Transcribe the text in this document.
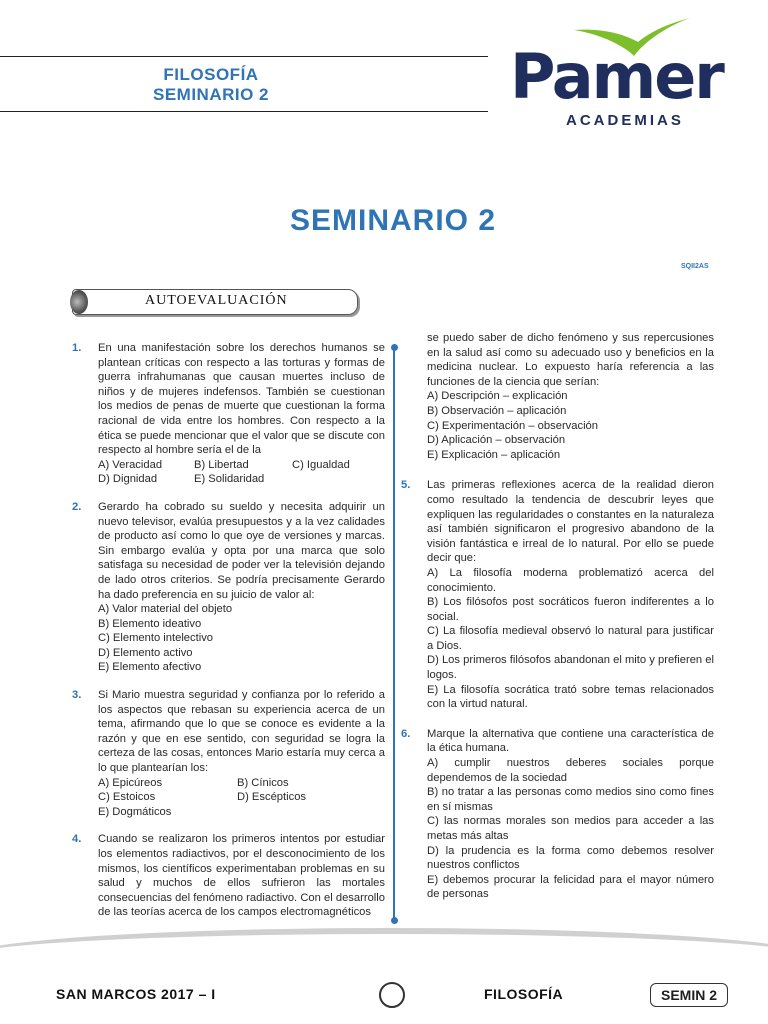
FILOSOFÍA
SEMINARIO 2	Pamer
ACADEMIAS
SEMINARIO 2
SQII2AS
AUTOEVALUACIÓN
1. En una manifestación sobre los derechos humanos se plantean críticas con respecto a las torturas y formas de guerra infrahumanas que causan muertes incluso de niños y de mujeres indefensos. También se cuestionan los medios de penas de muerte que cuestionan la forma racional de vida entre los hombres. Con respecto a la ética se puede mencionar que el valor que se discute con respecto al hombre sería el de la
A) Veracidad	B) Libertad	C) Igualdad
D) Dignidad	E) Solidaridad
2. Gerardo ha cobrado su sueldo y necesita adquirir un nuevo televisor, evalúa presupuestos y a la vez calidades de producto así como lo que oye de versiones y marcas. Sin embargo evalúa y opta por una marca que solo satisfaga su necesidad de poder ver la televisión dejando de lado otros criterios. Se podría precisamente Gerardo ha dado preferencia en su juicio de valor al:
A) Valor material del objeto
B) Elemento ideativo
C) Elemento intelectivo
D) Elemento activo
E) Elemento afectivo
3. Si Mario muestra seguridad y confianza por lo referido a los aspectos que rebasan su experiencia acerca de un tema, afirmando que lo que se conoce es evidente a la razón y que en ese sentido, con seguridad se logra la certeza de las cosas, entonces Mario estaría muy cerca a lo que plantearían los:
A) Epicúreos	B) Cínicos
C) Estoicos	D) Escépticos
E) Dogmáticos
4. Cuando se realizaron los primeros intentos por estudiar los elementos radiactivos, por el desconocimiento de los mismos, los científicos experimentaban problemas en su salud y muchos de ellos sufrieron las mortales consecuencias del fenómeno radiactivo. Con el desarrollo de las teorías acerca de los campos electromagnéticos
se puedo saber de dicho fenómeno y sus repercusiones en la salud así como su adecuado uso y beneficios en la medicina nuclear. Lo expuesto haría referencia a las funciones de la ciencia que serían:
A) Descripción – explicación
B) Observación – aplicación
C) Experimentación – observación
D) Aplicación – observación
E) Explicación – aplicación
5. Las primeras reflexiones acerca de la realidad dieron como resultado la tendencia de descubrir leyes que expliquen las regularidades o constantes en la naturaleza así también significaron el progresivo abandono de la visión fantástica e irreal de lo natural. Por ello se puede decir que:
A) La filosofía moderna problematizó acerca del conocimiento.
B) Los filósofos post socráticos fueron indiferentes a lo social.
C) La filosofía medieval observó lo natural para justificar a Dios.
D) Los primeros filósofos abandonan el mito y prefieren el logos.
E) La filosofía socrática trató sobre temas relacionados con la virtud natural.
6. Marque la alternativa que contiene una característica de la ética humana.
A) cumplir nuestros deberes sociales porque dependemos de la sociedad
B) no tratar a las personas como medios sino como fines en sí mismas
C) las normas morales son medios para acceder a las metas más altas
D) la prudencia es la forma como debemos resolver nuestros conflictos
E) debemos procurar la felicidad para el mayor número de personas
SAN MARCOS 2017 – I	FILOSOFÍA	SEMIN 2
